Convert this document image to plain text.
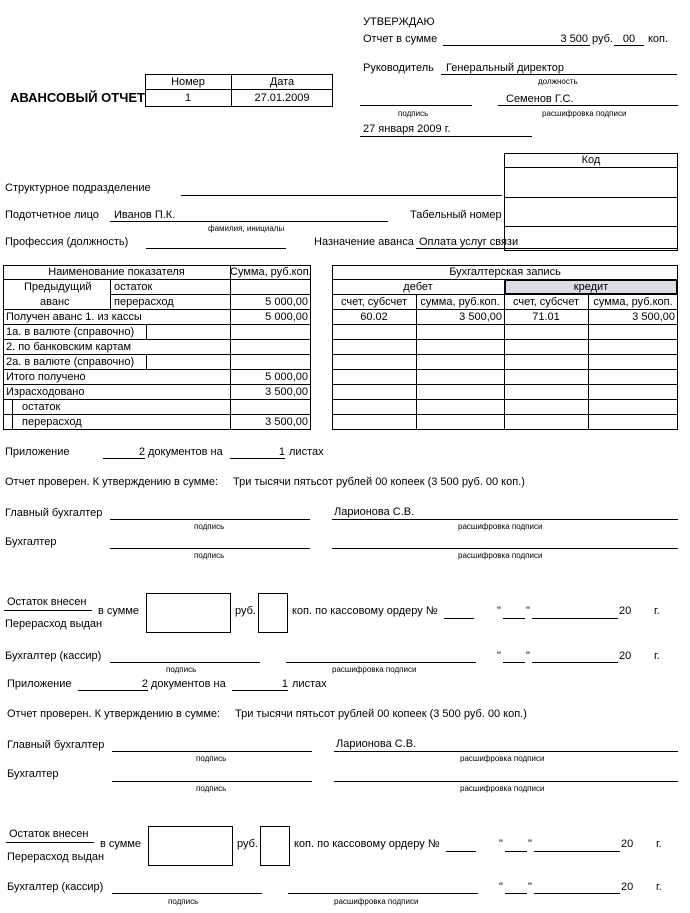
УТВЕРЖДАЮ
Отчет в сумме	3 500 руб. 00	коп.
Руководитель Генеральный директор
должность
Семенов Г.С.
подпись	расшифровка подписи
27 января 2009 г.
АВАНСОВЫЙ ОТЧЕТ
Номер	Дата
1	27.01.2009
Код
Структурное подразделение
Подотчетное лицо Иванов П.К.
фамилия, инициалы
Табельный номер
Профессия (должность)	Назначение аванса Оплата услуг связи
Наименование показателя	Сумма, руб.коп.
Предыдущий
аванс
остаток
перерасход	5 000,00
Получен аванс 1. из кассы	5 000,00
1а. в валюте (справочно)
2. по банковским картам
2а. в валюте (справочно)
Итого получено	5 000,00
Израсходовано	3 500,00
остаток
перерасход	3 500,00
Бухгалтерская запись
дебет	кредит
счет, субсчет	сумма, руб.коп.	счет, субсчет	сумма, руб.коп.
60.02	3 500,00	71.01	3 500,00
Приложение	2 документов на	1 листах
Отчет проверен. К утверждению в сумме: Три тысячи пятьсот рублей 00 копеек (3 500 руб. 00 коп.)
Главный бухгалтер	Ларионова С.В.
подпись	расшифровка подписи
Бухгалтер
подпись	расшифровка подписи
Остаток внесен
Перерасход выдан
в сумме	руб.	коп. по кассовому ордеру №	" "	20 г.
Бухгалтер (кассир)	" "	20 г.
подпись	расшифровка подписи
Приложение	2 документов на	1 листах
Отчет проверен. К утверждению в сумме: Три тысячи пятьсот рублей 00 копеек (3 500 руб. 00 коп.)
Главный бухгалтер	Ларионова С.В.
подпись	расшифровка подписи
Бухгалтер
подпись	расшифровка подписи
Остаток внесен
Перерасход выдан
в сумме	руб.	коп. по кассовому ордеру №	" "	20 г.
Бухгалтер (кассир)	" "	20 г.
подпись	расшифровка подписи
